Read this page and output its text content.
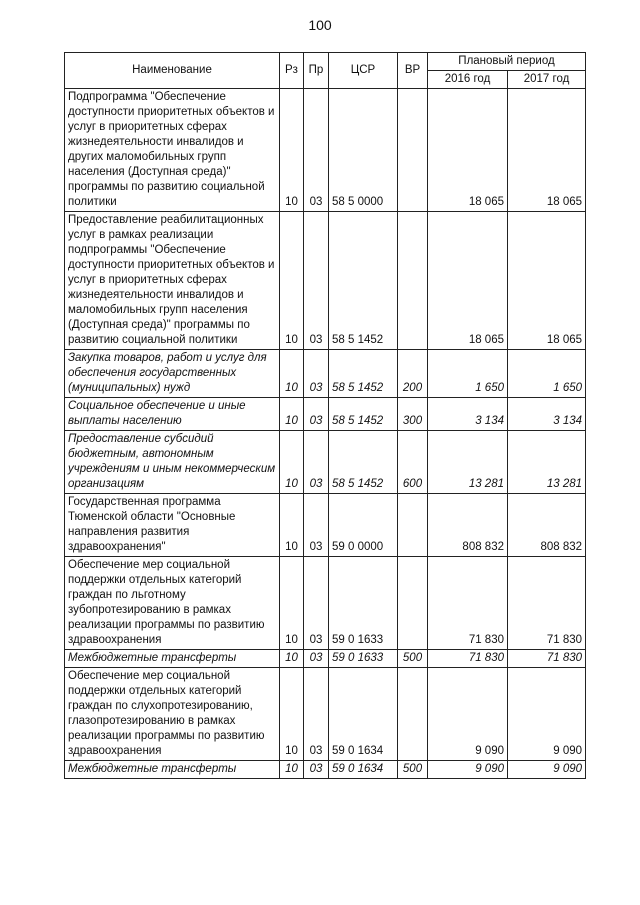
100
Наименование	Рз	Пр	ЦСР	ВР	Плановый период	
					2016 год	2017 год
Подпрограмма "Обеспечение доступности приоритетных объектов и услуг в приоритетных сферах жизнедеятельности инвалидов и других маломобильных групп населения (Доступная среда)" программы по развитию социальной политики	10	03	58 5 0000		18 065	18 065
Предоставление реабилитационных услуг в рамках реализации подпрограммы "Обеспечение доступности приоритетных объектов и услуг в приоритетных сферах жизнедеятельности инвалидов и маломобильных групп населения (Доступная среда)" программы по развитию социальной политики	10	03	58 5 1452		18 065	18 065
Закупка товаров, работ и услуг для обеспечения государственных (муниципальных) нужд	10	03	58 5 1452	200	1 650	1 650
Социальное обеспечение и иные выплаты населению	10	03	58 5 1452	300	3 134	3 134
Предоставление субсидий бюджетным, автономным учреждениям и иным некоммерческим организациям	10	03	58 5 1452	600	13 281	13 281
Государственная программа Тюменской области "Основные направления развития здравоохранения"	10	03	59 0 0000		808 832	808 832
Обеспечение мер социальной поддержки отдельных категорий граждан по льготному зубопротезированию в рамках реализации программы по развитию здравоохранения	10	03	59 0 1633		71 830	71 830
Межбюджетные трансферты	10	03	59 0 1633	500	71 830	71 830
Обеспечение мер социальной поддержки отдельных категорий граждан по слухопротезированию, глазопротезированию в рамках реализации программы по развитию здравоохранения	10	03	59 0 1634		9 090	9 090
Межбюджетные трансферты	10	03	59 0 1634	500	9 090	9 090
